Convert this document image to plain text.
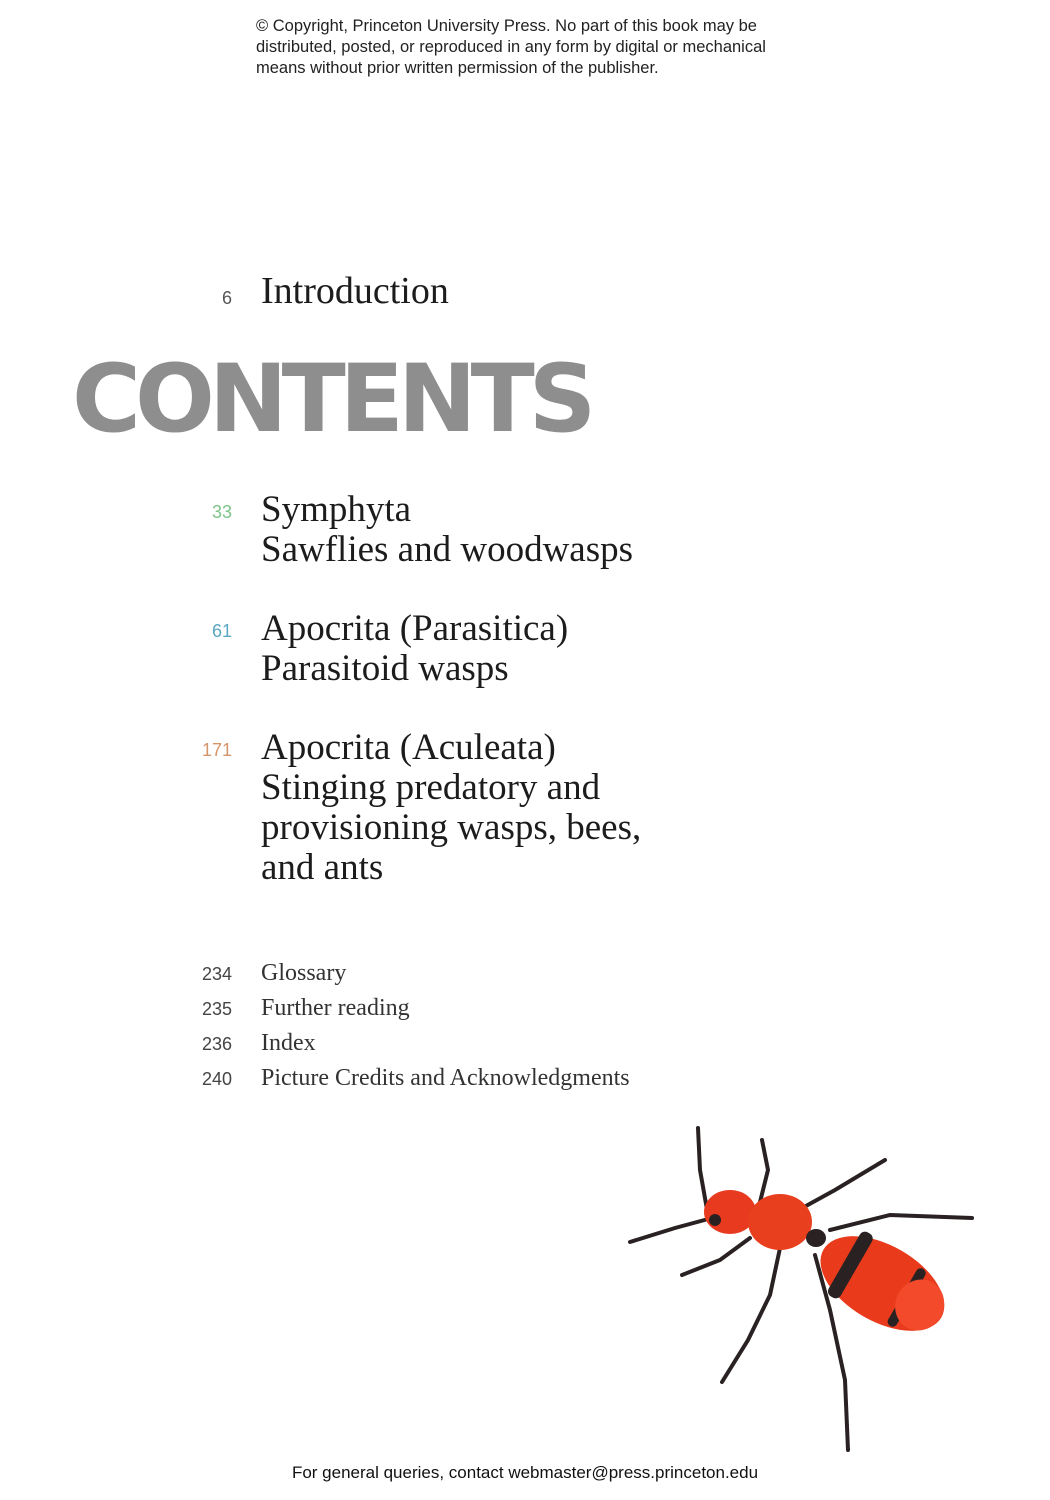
© Copyright, Princeton University Press. No part of this book may be
distributed, posted, or reproduced in any form by digital or mechanical
means without prior written permission of the publisher.
6 Introduction
CONTENTS
33 Symphyta
Sawflies and woodwasps
61 Apocrita (Parasitica)
Parasitoid wasps
171 Apocrita (Aculeata)
Stinging predatory and
provisioning wasps, bees,
and ants
234 Glossary
235 Further reading
236 Index
240 Picture Credits and Acknowledgments
For general queries, contact webmaster@press.princeton.edu
